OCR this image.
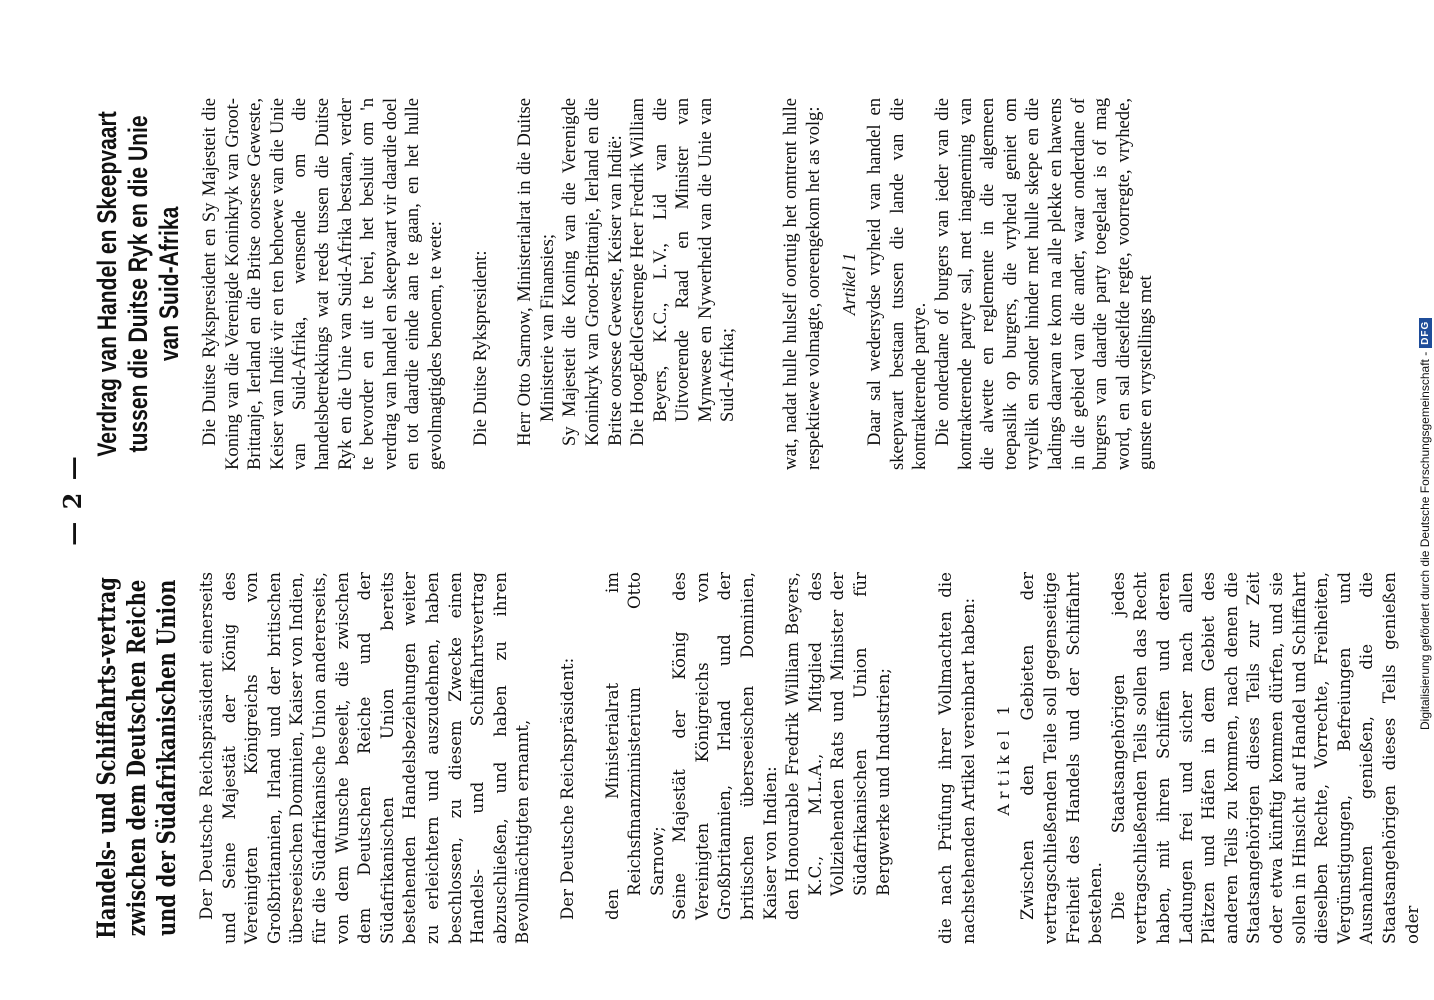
— 2 —
Handels- und Schiffahrts-vertrag zwischen dem Deutschen Reiche und der Südafrikanischen Union Der Deutsche Reichspräsident einerseits und Seine Majestät der König des Vereinigten Königreichs von Großbritannien, Irland und der britischen überseeischen Dominien, Kaiser von Indien, für die Südafrikanische Union andererseits, von dem Wunsche beseelt, die zwischen dem Deutschen Reiche und der Südafrikanischen Union bereits bestehenden Handelsbeziehungen weiter zu erleichtern und auszudehnen, haben beschlossen, zu diesem Zwecke einen Handels- und Schiffahrtsvertrag abzuschließen, und haben zu ihren Bevollmächtigten ernannt, Der Deutsche Reichspräsident: den Ministerialrat im Reichsfinanzministerium Otto Sarnow; Seine Majestät der König des Vereinigten Königreichs von Großbritannien, Irland und der britischen überseeischen Dominien, Kaiser von Indien: den Honourable Fredrik William Beyers, K.C., M.L.A., Mitglied des Vollziehenden Rats und Minister der Südafrikanischen Union für Bergwerke und Industrien;	die nach Prüfung ihrer Vollmachten die nachstehenden Artikel vereinbart haben: Artikel 1 Zwischen den Gebieten der vertragschließenden Teile soll gegenseitige Freiheit des Handels und der Schiffahrt bestehen. Die Staatsangehörigen jedes vertragschließenden Teils sollen das Recht haben, mit ihren Schiffen und deren Ladungen frei und sicher nach allen Plätzen und Häfen in dem Gebiet des anderen Teils zu kommen, nach denen die Staatsangehörigen dieses Teils zur Zeit oder etwa künftig kommen dürfen, und sie sollen in Hinsicht auf Handel und Schiffahrt dieselben Rechte, Vorrechte, Freiheiten, Vergünstigungen, Befreiungen und Ausnahmen genießen, die die Staatsangehörigen dieses Teils genießen oder

Verdrag van Handel en Skeepvaart tussen die Duitse Ryk en die Unie van Suid-Afrika Die Duitse Rykspresident en Sy Majesteit die Koning van die Verenigde Koninkryk van Groot-Brittanje, Ierland en die Britse oorsese Geweste, Keiser van Indië vir en ten behoewe van die Unie van Suid-Afrika, wensende om die handelsbetrekkings wat reeds tussen die Duitse Ryk en die Unie van Suid-Afrika bestaan, verder te bevorder en uit te brei, het besluit om 'n verdrag van handel en skeepvaart vir daardie doel en tot daardie einde aan te gaan, en het hulle gevolmagtigdes benoem, te wete: Die Duitse Rykspresident: Herr Otto Sarnow, Ministerialrat in die Duitse Ministerie van Finansies; Sy Majesteit die Koning van die Verenigde Koninkryk van Groot-Brittanje, Ierland en die Britse oorsese Geweste, Keiser van Indië: Die HoogEdelGestrenge Heer Fredrik William Beyers, K.C., L.V., Lid van die Uitvoerende Raad en Minister van Mynwese en Nywerheid van die Unie van Suid-Afrika; wat, nadat hulle hulself oortuig het omtrent hulle respektiewe volmagte, ooreengekom het as volg: Artikel 1 Daar sal wedersydse vryheid van handel en skeepvaart bestaan tussen die lande van die kontrakterende partye. Die onderdane of burgers van ieder van die kontrakterende partye sal, met inagneming van die alwette en reglemente in die algemeen toepaslik op burgers, die vryheid geniet om vryelik en sonder hinder met hulle skepe en die ladings daarvan te kom na alle plekke en hawens in die gebied van die ander, waar onderdane of burgers van daardie party toegelaat is of mag word, en sal dieselfde regte, voorregte, vryhede, gunste en vrystellings met	Digitalisierung gefördert durch die Deutsche Forschungsgemeinschaft -
DFG
